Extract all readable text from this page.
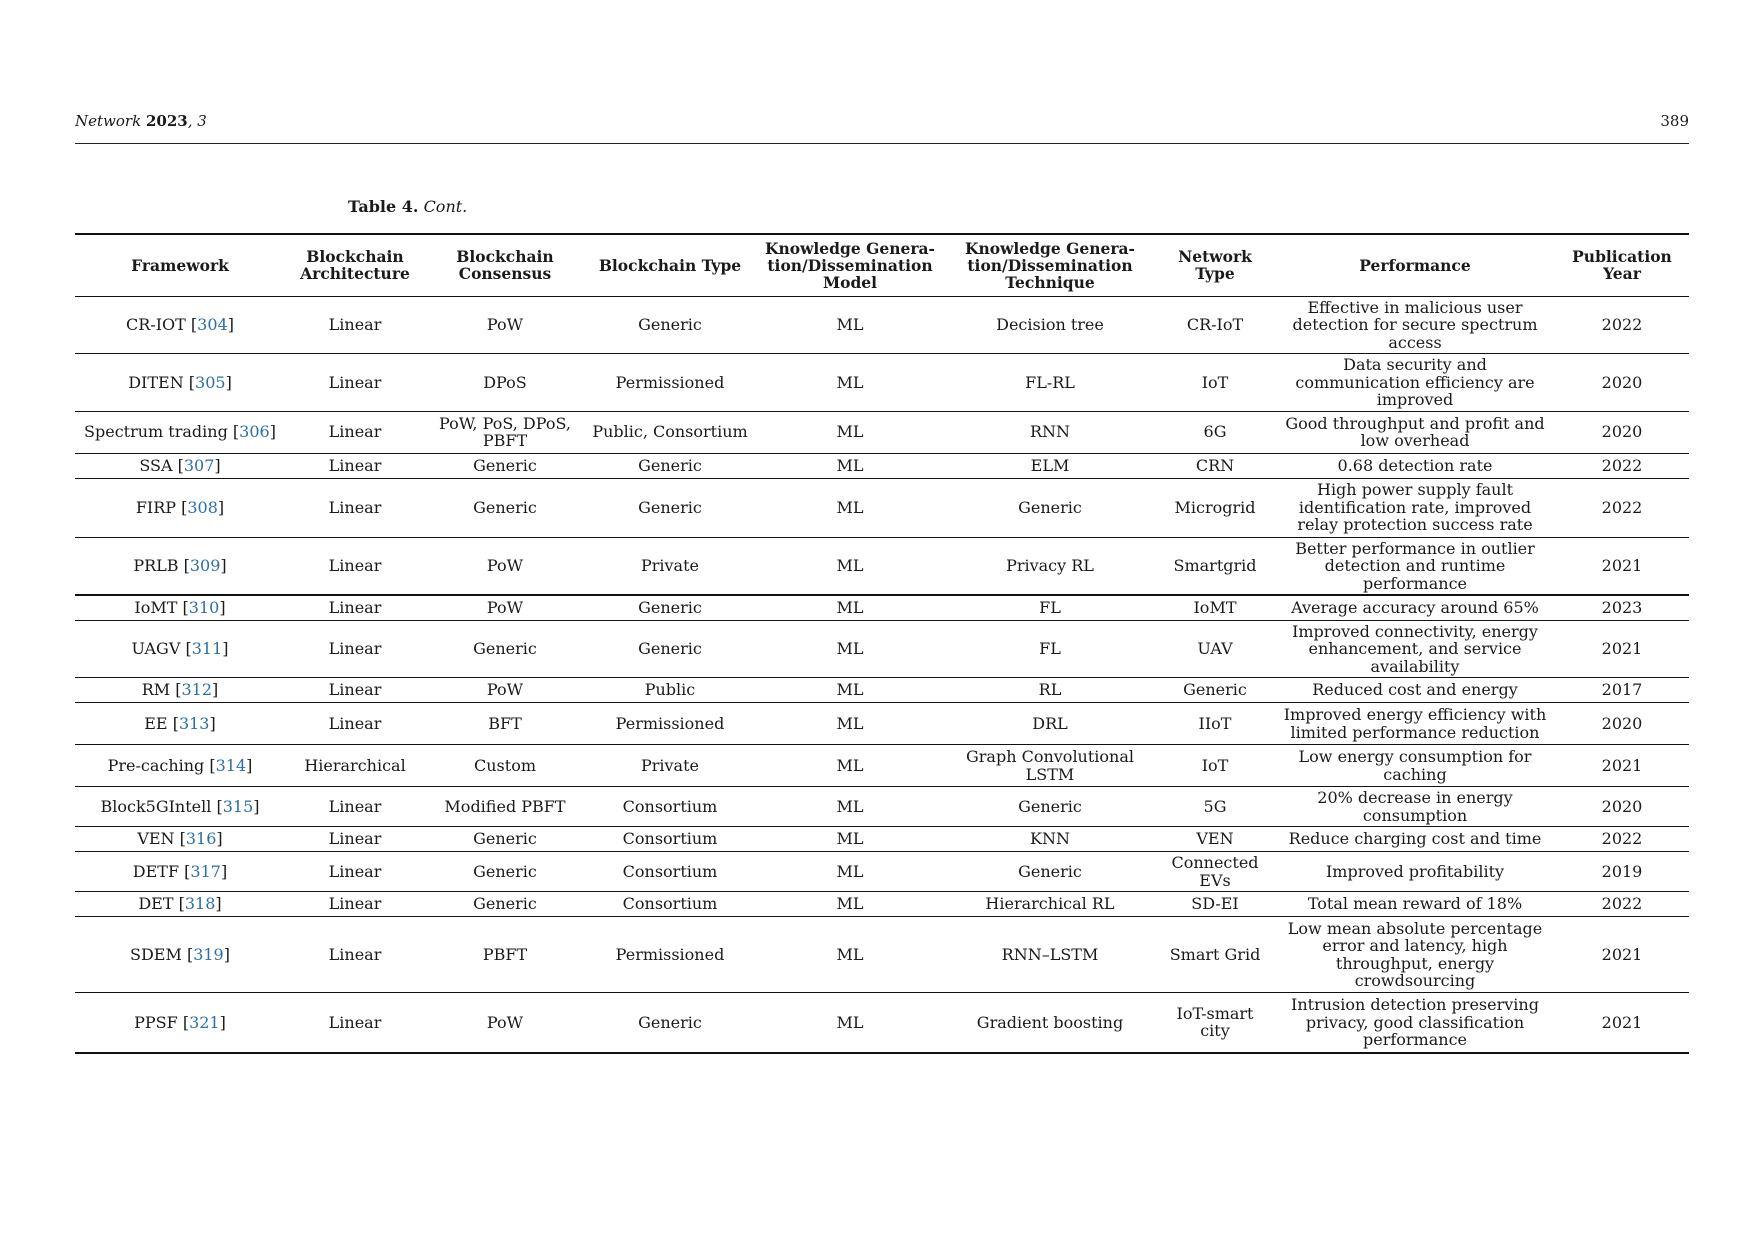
Network 2023, 3	389
Table 4. Cont.
Framework	Blockchain Architecture	Blockchain Consensus	Blockchain Type	Knowledge Genera-tion/Dissemination Model	Knowledge Genera-tion/Dissemination Technique	Network Type	Performance	Publication Year
CR-IOT [304]	Linear	PoW	Generic	ML	Decision tree	CR-IoT	Effective in malicious user detection for secure spectrum access	2022
DITEN [305]	Linear	DPoS	Permissioned	ML	FL-RL	IoT	Data security and communication efficiency are improved	2020
Spectrum trading [306]	Linear	PoW, PoS, DPoS, PBFT	Public, Consortium	ML	RNN	6G	Good throughput and profit and low overhead	2020
SSA [307]	Linear	Generic	Generic	ML	ELM	CRN	0.68 detection rate	2022
FIRP [308]	Linear	Generic	Generic	ML	Generic	Microgrid	High power supply fault identification rate, improved relay protection success rate	2022
PRLB [309]	Linear	PoW	Private	ML	Privacy RL	Smartgrid	Better performance in outlier detection and runtime performance	2021
IoMT [310]	Linear	PoW	Generic	ML	FL	IoMT	Average accuracy around 65%	2023
UAGV [311]	Linear	Generic	Generic	ML	FL	UAV	Improved connectivity, energy enhancement, and service availability	2021
RM [312]	Linear	PoW	Public	ML	RL	Generic	Reduced cost and energy	2017
EE [313]	Linear	BFT	Permissioned	ML	DRL	IIoT	Improved energy efficiency with limited performance reduction	2020
Pre-caching [314]	Hierarchical	Custom	Private	ML	Graph Convolutional LSTM	IoT	Low energy consumption for caching	2021
Block5GIntell [315]	Linear	Modified PBFT	Consortium	ML	Generic	5G	20% decrease in energy consumption	2020
VEN [316]	Linear	Generic	Consortium	ML	KNN	VEN	Reduce charging cost and time	2022
DETF [317]	Linear	Generic	Consortium	ML	Generic	Connected EVs	Improved profitability	2019
DET [318]	Linear	Generic	Consortium	ML	Hierarchical RL	SD-EI	Total mean reward of 18%	2022
SDEM [319]	Linear	PBFT	Permissioned	ML	RNN–LSTM	Smart Grid	Low mean absolute percentage error and latency, high throughput, energy crowdsourcing	2021
PPSF [321]	Linear	PoW	Generic	ML	Gradient boosting	IoT-smart city	Intrusion detection preserving privacy, good classification performance	2021
